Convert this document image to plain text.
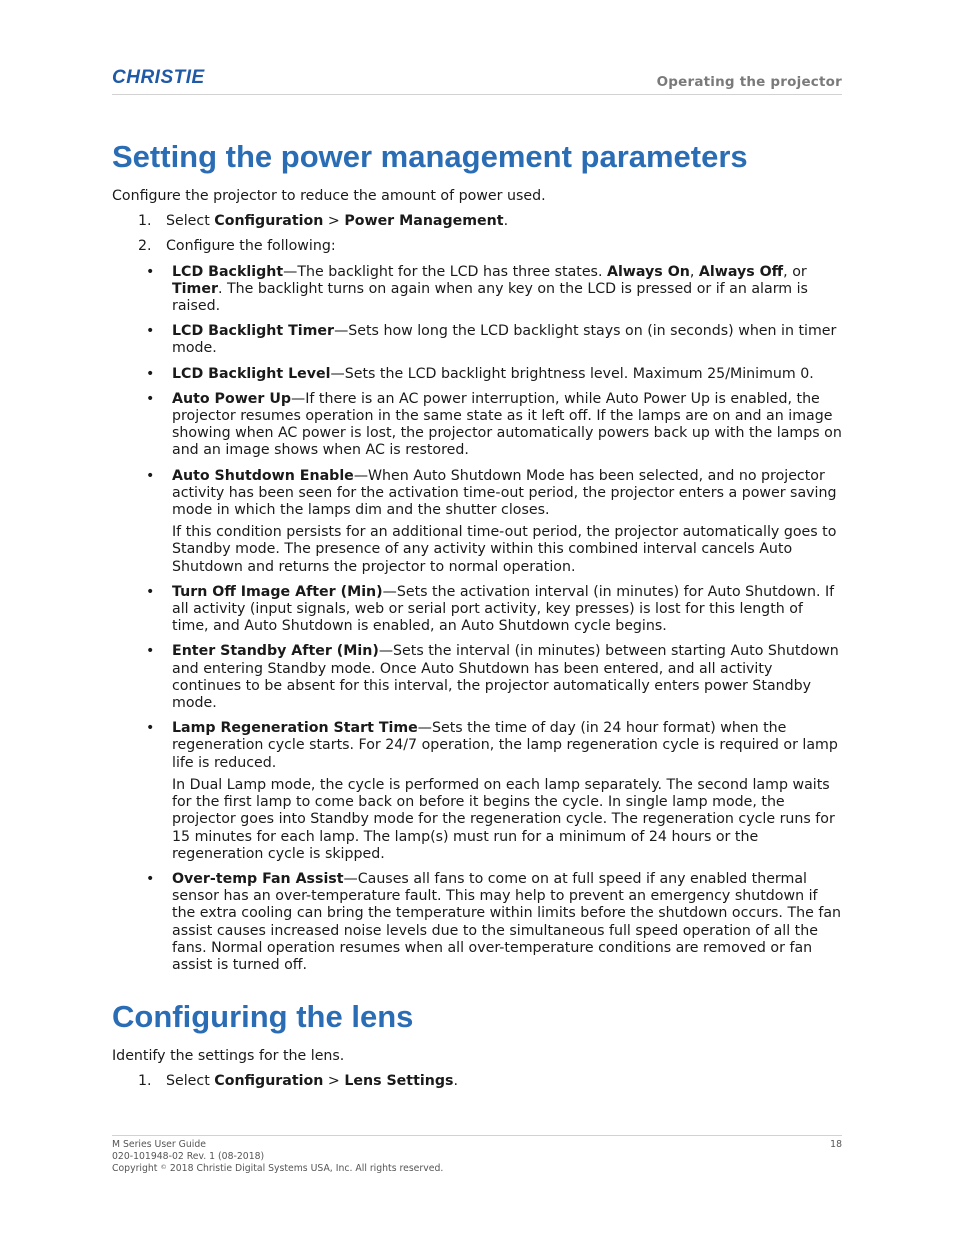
CHRISTIE	Operating the projector
Setting the power management parameters

Configure the projector to reduce the amount of power used.

1. Select Configuration > Power Management.
2. Configure the following:
• LCD Backlight—The backlight for the LCD has three states. Always On, Always Off, or Timer. The backlight turns on again when any key on the LCD is pressed or if an alarm is raised.

• LCD Backlight Timer—Sets how long the LCD backlight stays on (in seconds) when in timer mode.

• LCD Backlight Level—Sets the LCD backlight brightness level. Maximum 25/Minimum 0.

• Auto Power Up—If there is an AC power interruption, while Auto Power Up is enabled, the projector resumes operation in the same state as it left off. If the lamps are on and an image showing when AC power is lost, the projector automatically powers back up with the lamps on and an image shows when AC is restored.

• Auto Shutdown Enable—When Auto Shutdown Mode has been selected, and no projector activity has been seen for the activation time-out period, the projector enters a power saving mode in which the lamps dim and the shutter closes.

If this condition persists for an additional time-out period, the projector automatically goes to Standby mode. The presence of any activity within this combined interval cancels Auto Shutdown and returns the projector to normal operation.

• Turn Off Image After (Min)—Sets the activation interval (in minutes) for Auto Shutdown. If all activity (input signals, web or serial port activity, key presses) is lost for this length of time, and Auto Shutdown is enabled, an Auto Shutdown cycle begins.

• Enter Standby After (Min)—Sets the interval (in minutes) between starting Auto Shutdown and entering Standby mode. Once Auto Shutdown has been entered, and all activity continues to be absent for this interval, the projector automatically enters power Standby mode.

• Lamp Regeneration Start Time—Sets the time of day (in 24 hour format) when the regeneration cycle starts. For 24/7 operation, the lamp regeneration cycle is required or lamp life is reduced.

In Dual Lamp mode, the cycle is performed on each lamp separately. The second lamp waits for the first lamp to come back on before it begins the cycle. In single lamp mode, the projector goes into Standby mode for the regeneration cycle. The regeneration cycle runs for 15 minutes for each lamp. The lamp(s) must run for a minimum of 24 hours or the regeneration cycle is skipped.

• Over-temp Fan Assist—Causes all fans to come on at full speed if any enabled thermal sensor has an over-temperature fault. This may help to prevent an emergency shutdown if the extra cooling can bring the temperature within limits before the shutdown occurs. The fan assist causes increased noise levels due to the simultaneous full speed operation of all the fans. Normal operation resumes when all over-temperature conditions are removed or fan assist is turned off.

Configuring the lens

Identify the settings for the lens.

1. Select Configuration > Lens Settings.
M Series User Guide
020-101948-02 Rev. 1 (08-2018)
Copyright © 2018 Christie Digital Systems USA, Inc. All rights reserved.
18
